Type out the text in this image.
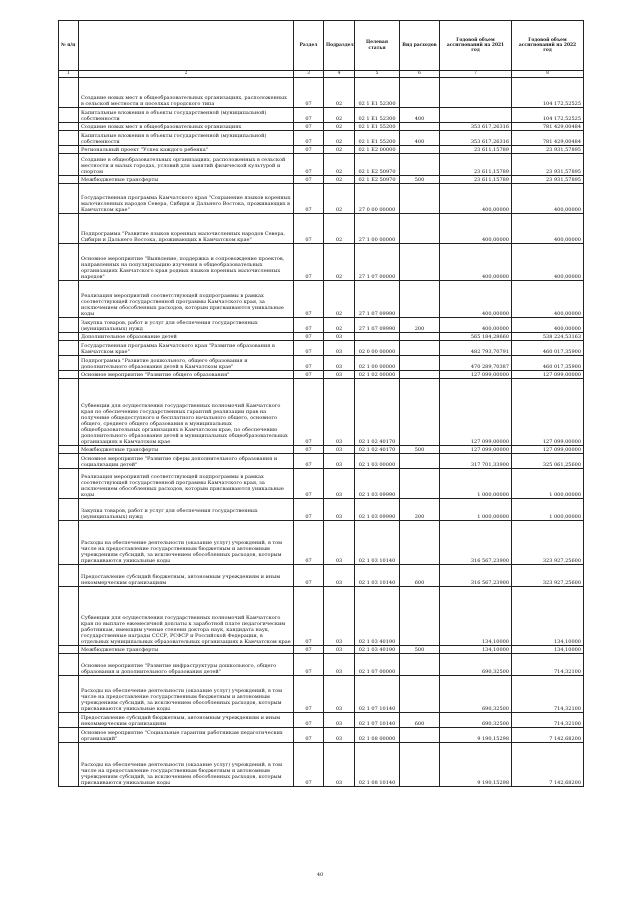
№ п/п		Раздел	Подраздел	Целевая статья	Вид расходов	Годовой объем ассигнований на 2021 год	Годовой объем ассигнований на 2022 год
1	2	3	4	5	6	7	8
	Создание новых мест в общеобразовательных организациях, расположенных в сельской местности и поселках городского типа	07	02	02 1 Е1 52300			104 172,52525
	Капитальные вложения в объекты государственной (муниципальной) собственности	07	02	02 1 Е1 52300	400		104 172,52525
	Создание новых мест в общеобразовательных организациях	07	02	02 1 Е1 55200		353 617,26316	781 429,00484
	Капитальные вложения в объекты государственной (муниципальной) собственности	07	02	02 1 Е1 55200	400	353 617,26316	781 429,00484
	Региональный проект "Успех каждого ребенка"	07	02	02 1 Е2 00000		23 611,15789	23 931,57895
	Создание в общеобразовательных организациях, расположенных в сельской местности и малых городах, условий для занятий физической культурой и спортом	07	02	02 1 Е2 50970		23 611,15789	23 931,57895
	Межбюджетные трансферты	07	02	02 1 Е2 50970	500	23 611,15789	23 931,57895
	Государственная программа Камчатского края "Сохранение языков коренных малочисленных народов Севера, Сибири и Дальнего Востока, проживающих в Камчатском крае"	07	02	27 0 00 00000		400,00000	400,00000
	Подпрограмма "Развитие языков коренных малочисленных народов Севера, Сибири и Дальнего Востока, проживающих в Камчатском крае"	07	02	27 1 00 00000		400,00000	400,00000
	Основное мероприятие "Выявление, поддержка и сопровождение проектов, направленных на популяризацию изучения в общеобразовательных организациях Камчатского края родных языков коренных малочисленных народов"	07	02	27 1 07 00000		400,00000	400,00000
	Реализация мероприятий соответствующей подпрограммы в рамках соответствующей государственной программы Камчатского края, за исключением обособленных расходов, которым присваиваются уникальные коды	07	02	27 1 07 09990		400,00000	400,00000
	Закупка товаров, работ и услуг для обеспечения государственных (муниципальных) нужд	07	02	27 1 07 09990	200	400,00000	400,00000
	Дополнительное образование детей	07	03			565 184,28660	538 224,53163
	Государственная программа Камчатского края "Развитие образования в Камчатском крае"	07	03	02 0 00 00000		482 793,70791	460 017,35900
	Подпрограмма "Развитие дошкольного, общего образования и дополнительного образования детей в Камчатском крае"	07	03	02 1 00 00000		470 289,70387	460 017,35900
	Основное мероприятие "Развитие общего образования"	07	03	02 1 02 00000		127 099,00000	127 099,00000
	Субвенции для осуществления государственных полномочий Камчатского края по обеспечению государственных гарантий реализации прав на получение общедоступного и бесплатного начального общего, основного общего, среднего общего образования в муниципальных общеобразовательных организациях в Камчатском крае, по обеспечению дополнительного образования детей в муниципальных общеобразовательных организациях в Камчатском крае	07	03	02 1 02 40170		127 099,00000	127 099,00000
	Межбюджетные трансферты	07	03	02 1 02 40170	500	127 099,00000	127 099,00000
	Основное мероприятие "Развитие сферы дополнительного образования и социализации детей"	07	03	02 1 03 00000		317 701,33900	325 061,25600
	Реализация мероприятий соответствующей подпрограммы в рамках соответствующей государственной программы Камчатского края, за исключением обособленных расходов, которым присваиваются уникальные коды	07	03	02 1 03 09990		1 000,00000	1 000,00000
	Закупка товаров, работ и услуг для обеспечения государственных (муниципальных) нужд	07	03	02 1 03 09990	200	1 000,00000	1 000,00000
	Расходы на обеспечение деятельности (оказание услуг) учреждений, в том числе на предоставление государственным бюджетным и автономным учреждениям субсидий, за исключением обособленных расходов, которым присваиваются уникальные коды	07	03	02 1 03 10140		316 567,23900	323 927,25600
	Предоставление субсидий бюджетным, автономным учреждениям и иным некоммерческим организациям	07	03	02 1 03 10140	600	316 567,23900	323 927,25600
	Субвенции для осуществления государственных полномочий Камчатского края по выплате ежемесячной доплаты к заработной плате педагогическим работникам, имеющим ученые степени доктора наук, кандидата наук, государственные награды СССР, РСФСР и Российской Федерации, в отдельных муниципальных образовательных организациях в Камчатском крае	07	03	02 1 03 40190		134,10000	134,10000
	Межбюджетные трансферты	07	03	02 1 03 40190	500	134,10000	134,10000
	Основное мероприятие "Развитие инфраструктуры дошкольного, общего образования и дополнительного образования детей"	07	03	02 1 07 00000		690,32500	714,32100
	Расходы на обеспечение деятельности (оказание услуг) учреждений, в том числе на предоставление государственным бюджетным и автономным учреждениям субсидий, за исключением обособленных расходов, которым присваиваются уникальные коды	07	03	02 1 07 10140		690,32500	714,32100
	Предоставление субсидий бюджетным, автономным учреждениям и иным некоммерческим организациям	07	03	02 1 07 10140	600	690,32500	714,32100
	Основное мероприятие "Социальные гарантии работникам педагогических организаций"	07	03	02 1 08 00000		9 190,15298	7 142,68200
	Расходы на обеспечение деятельности (оказание услуг) учреждений, в том числе на предоставление государственным бюджетным и автономным учреждениям субсидий, за исключением обособленных расходов, которым присваиваются уникальные коды	07	03	02 1 08 10140		9 190,15298	7 142,68200
40
